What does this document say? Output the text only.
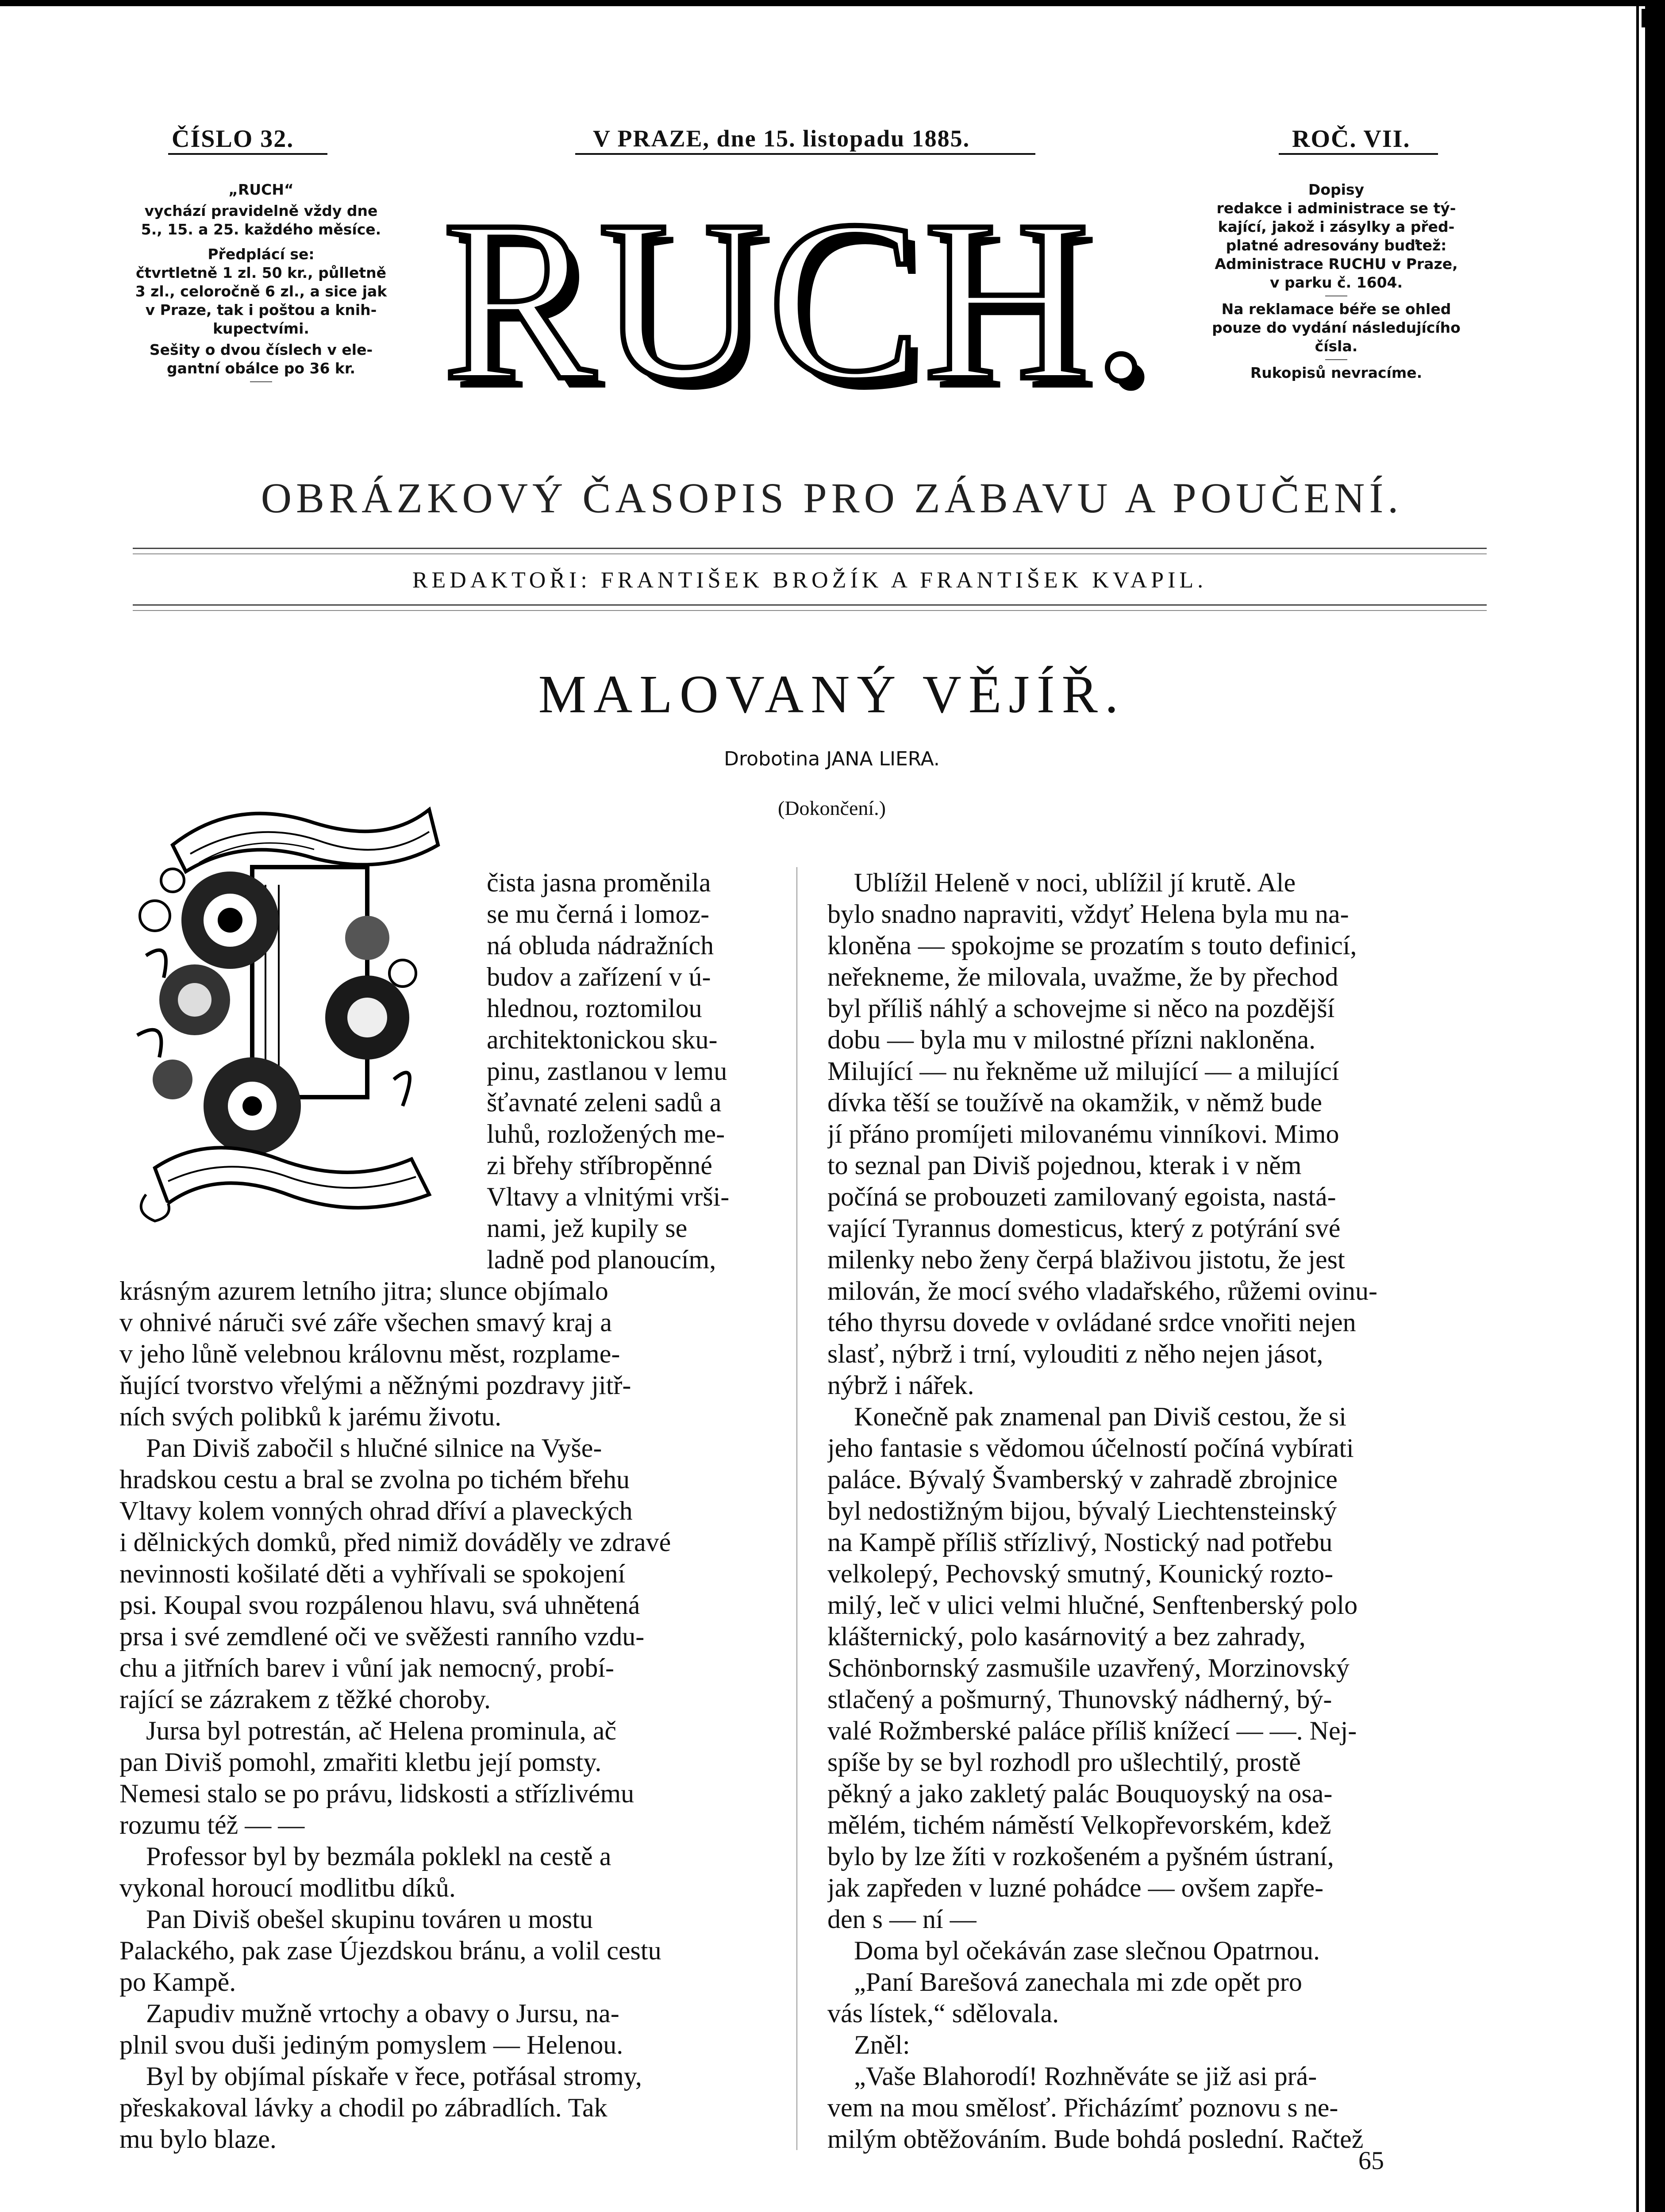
ČÍSLO 32.	V PRAZE, dne 15. listopadu 1885.	ROČ. VII.

„RUCH“

vychází pravidelně vždy dne

5., 15. a 25. každého měsíce.

Předplácí se:

čtvrtletně 1 zl. 50 kr., půlletně

3 zl., celoročně 6 zl., a sice jak

v Praze, tak i poštou a knih-

kupectvími.

Sešity o dvou číslech v ele-

gantní obálce po 36 kr. RUCH.	Dopisy

redakce i administrace se tý-

kající, jakož i zásylky a před-

platné adresovány buďtež:

Administrace RUCHU v Praze,

v parku č. 1604.

Na reklamace béře se ohled

pouze do vydání následujícího

čísla.

Rukopisů nevracíme.

OBRÁZKOVÝ ČASOPIS PRO ZÁBAVU A POUČENÍ.
REDAKTOŘI: FRANTIŠEK BROŽÍK A FRANTIŠEK KVAPIL.
MALOVANÝ VĚJÍŘ.
Drobotina JANA LIERA.
(Dokončení.)
čista jasna proměnila
se mu černá i lomoz-
ná obluda nádražních
budov a zařízení v ú-
hlednou, roztomilou
architektonickou sku-
pinu, zastlanou v lemu
šťavnaté zeleni sadů a
luhů, rozložených me-
zi břehy stříbropěnné
Vltavy a vlnitými vrši-
nami, jež kupily se
ladně pod planoucím,
krásným azurem letního jitra; slunce objímalo
v ohnivé náruči své záře všechen smavý kraj a
v jeho lůně velebnou královnu měst, rozplame-
ňující tvorstvo vřelými a něžnými pozdravy jitř-
ních svých polibků k jarému životu.
Pan Diviš zabočil s hlučné silnice na Vyše-
hradskou cestu a bral se zvolna po tichém břehu
Vltavy kolem vonných ohrad dříví a plaveckých
i dělnických domků, před nimiž dováděly ve zdravé
nevinnosti košilaté děti a vyhřívali se spokojení
psi. Koupal svou rozpálenou hlavu, svá uhnětená
prsa i své zemdlené oči ve svěžesti ranního vzdu-
chu a jitřních barev i vůní jak nemocný, probí-
rající se zázrakem z těžké choroby.
Jursa byl potrestán, ač Helena prominula, ač
pan Diviš pomohl, zmařiti kletbu její pomsty.
Nemesi stalo se po právu, lidskosti a střízlivému
rozumu též — —
Professor byl by bezmála poklekl na cestě a
vykonal horoucí modlitbu díků.
Pan Diviš obešel skupinu továren u mostu
Palackého, pak zase Újezdskou bránu, a volil cestu
po Kampě.
Zapudiv mužně vrtochy a obavy o Jursu, na-
plnil svou duši jediným pomyslem — Helenou.
Byl by objímal pískaře v řece, potřásal stromy,
přeskakoval lávky a chodil po zábradlích. Tak
mu bylo blaze.
Ublížil Heleně v noci, ublížil jí krutě. Ale
bylo snadno napraviti, vždyť Helena byla mu na-
kloněna — spokojme se prozatím s touto definicí,
neřekneme, že milovala, uvažme, že by přechod
byl příliš náhlý a schovejme si něco na pozdější
dobu — byla mu v milostné přízni nakloněna.
Milující — nu řekněme už milující — a milující
dívka těší se toužívě na okamžik, v němž bude
jí přáno promíjeti milovanému vinníkovi. Mimo
to seznal pan Diviš pojednou, kterak i v něm
počíná se probouzeti zamilovaný egoista, nastá-
vající Tyrannus domesticus, který z potýrání své
milenky nebo ženy čerpá blaživou jistotu, že jest
milován, že mocí svého vladařského, růžemi ovinu-
tého thyrsu dovede v ovládané srdce vnořiti nejen
slasť, nýbrž i trní, vylouditi z něho nejen jásot,
nýbrž i nářek.
Konečně pak znamenal pan Diviš cestou, že si
jeho fantasie s vědomou účelností počíná vybírati
paláce. Bývalý Švamberský v zahradě zbrojnice
byl nedostižným bijou, bývalý Liechtensteinský
na Kampě příliš střízlivý, Nostický nad potřebu
velkolepý, Pechovský smutný, Kounický rozto-
milý, leč v ulici velmi hlučné, Senftenberský polo
klášternický, polo kasárnovitý a bez zahrady,
Schönbornský zasmušile uzavřený, Morzinovský
stlačený a pošmurný, Thunovský nádherný, bý-
valé Rožmberské paláce příliš knížecí — —. Nej-
spíše by se byl rozhodl pro ušlechtilý, prostě
pěkný a jako zakletý palác Bouquoyský na osa-
mělém, tichém náměstí Velkopřevorském, kdež
bylo by lze žíti v rozkošeném a pyšném ústraní,
jak zapředen v luzné pohádce — ovšem zapře-
den s — ní —
Doma byl očekáván zase slečnou Opatrnou.
„Paní Barešová zanechala mi zde opět pro
vás lístek,“ sdělovala.
Zněl:
„Vaše Blahorodí! Rozhněváte se již asi prá-
vem na mou smělosť. Přicházímť poznovu s ne-
milým obtěžováním. Bude bohdá poslední. Račtež
65
